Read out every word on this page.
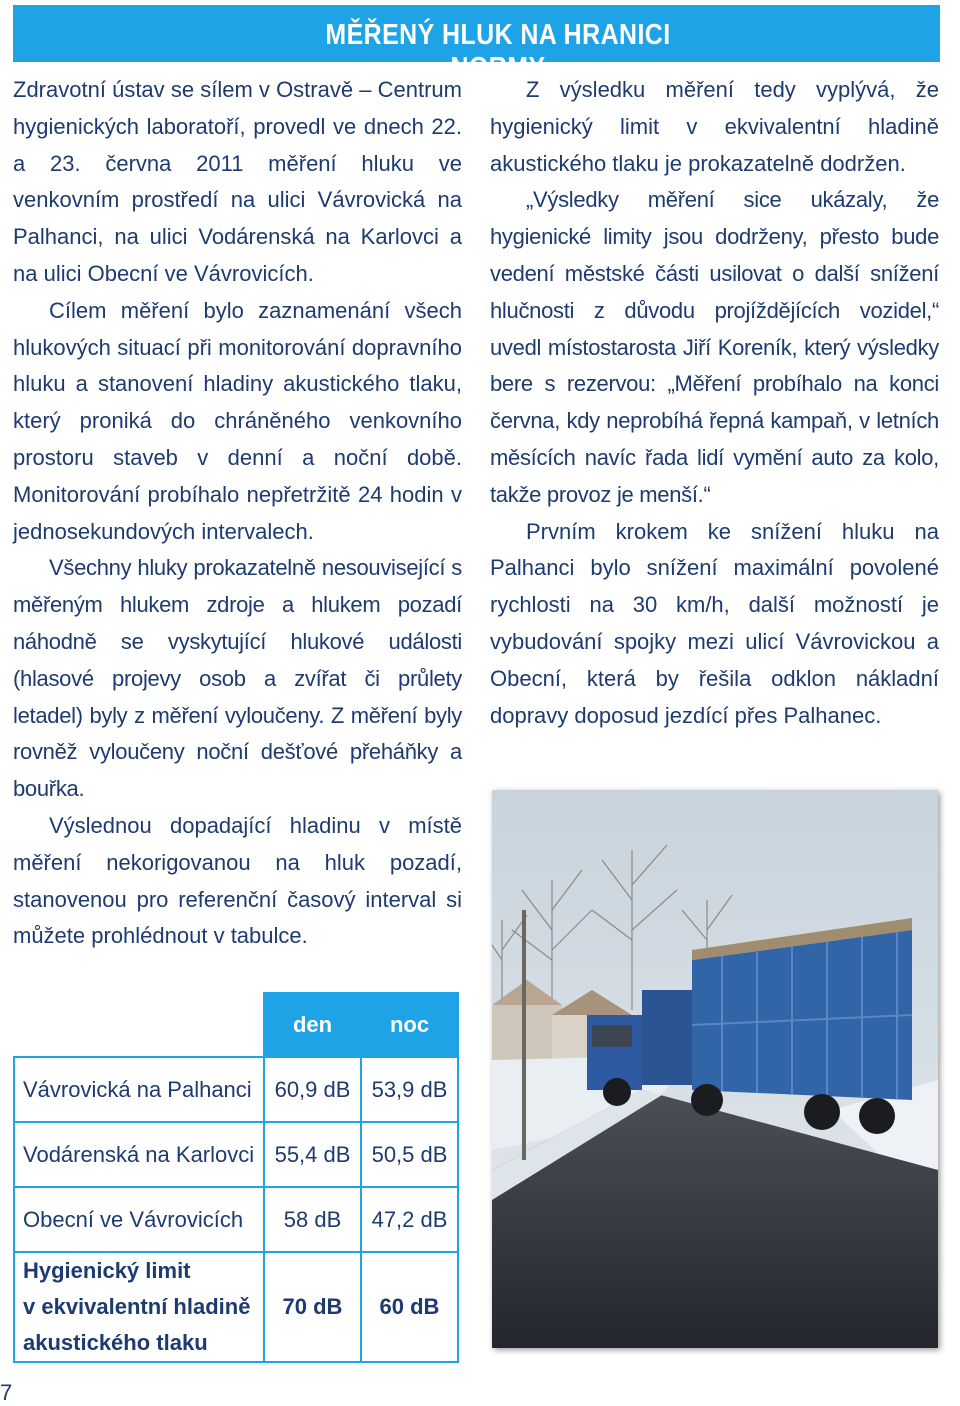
MĚŘENÝ HLUK NA HRANICI NORMY

Zdravotní ústav se sílem v Ostravě – Centrum hygienických laboratoří, provedl ve dnech 22. a 23. června 2011 měření hluku ve venkovním prostředí na ulici Vávrovická na Palhanci, na ulici Vodárenská na Karlovci a na ulici Obecní ve Vávrovicích.

Cílem měření bylo zaznamenání všech hlukových situací při monitorování dopravního hluku a stanovení hladiny akustického tlaku, který proniká do chráněného venkovního prostoru staveb v denní a noční době. Monitorování probíhalo nepřetržitě 24 hodin v jednosekundových intervalech.

Všechny hluky prokazatelně nesouvisející s měřeným hlukem zdroje a hlukem pozadí náhodně se vyskytující hlukové události (hlasové projevy osob a zvířat či průlety letadel) byly z měření vyloučeny. Z měření byly rovněž vyloučeny noční dešťové přeháňky a bouřka.

Výslednou dopadající hladinu v místě měření nekorigovanou na hluk pozadí, stanovenou pro referenční časový interval si můžete prohlédnout v tabulce.

Z výsledku měření tedy vyplývá, že hygienický limit v ekvivalentní hladině akustického tlaku je prokazatelně dodržen.

„Výsledky měření sice ukázaly, že hygienické limity jsou dodrženy, přesto bude vedení městské části usilovat o další snížení hlučnosti z důvodu projíždějících vozidel,“ uvedl místostarosta Jiří Koreník, který výsledky bere s rezervou: „Měření probíhalo na konci června, kdy neprobíhá řepná kampaň, v letních měsících navíc řada lidí vymění auto za kolo, takže provoz je menší.“

Prvním krokem ke snížení hluku na Palhanci bylo snížení maximální povolené rychlosti na 30 km/h, další možností je vybudování spojky mezi ulicí Vávrovickou a Obecní, která by řešila odklon nákladní dopravy doposud jezdící přes Palhanec.

	den	noc
Vávrovická na Palhanci	60,9 dB	53,9 dB
Vodárenská na Karlovci	55,4 dB	50,5 dB
Obecní ve Vávrovicích	58 dB	47,2 dB

Hygienický limit
v ekvivalentní hladině
akustického tlaku	70 dB	60 dB
7
